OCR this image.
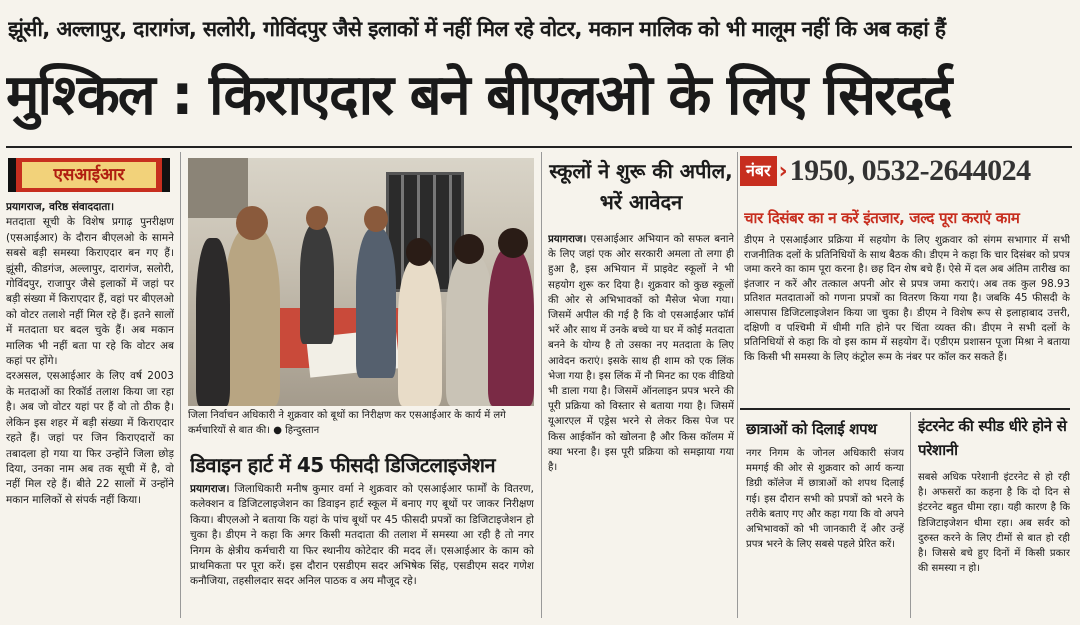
झूंसी, अल्लापुर, दारागंज, सलोरी, गोविंदपुर जैसे इलाकों में नहीं मिल रहे वोटर, मकान मालिक को भी मालूम नहीं कि अब कहां हैं
मुश्किल : किराएदार बने बीएलओ के लिए सिरदर्द
एसआईआर

प्रयागराज, वरिष्ठ संवाददाता।

मतदाता सूची के विशेष प्रगाढ़ पुनरीक्षण (एसआईआर) के दौरान बीएलओ के सामने सबसे बड़ी समस्या किराएदार बन गए हैं। झूंसी, कीडगंज, अल्लापुर, दारागंज, सलोरी, गोविंदपुर, राजापुर जैसे इलाकों में जहां पर बड़ी संख्या में किराएदार हैं, वहां पर बीएलओ को वोटर तलाशे नहीं मिल रहे हैं। इतने सालों में मतदाता घर बदल चुके हैं। अब मकान मालिक भी नहीं बता पा रहे कि वोटर अब कहां पर होंगे।

दरअसल, एसआईआर के लिए वर्ष 2003 के मतदाओं का रिकॉर्ड तलाश किया जा रहा है। अब जो वोटर यहां पर हैं वो तो ठीक है। लेकिन इस शहर में बड़ी संख्या में किराएदार रहते हैं। जहां पर जिन किराएदारों का तबादला हो गया या फिर उन्होंने जिला छोड़ दिया, उनका नाम अब तक सूची में है, वो नहीं मिल रहे हैं। बीते 22 सालों में उन्होंने मकान मालिकों से संपर्क नहीं किया।

जिला निर्वाचन अधिकारी ने शुक्रवार को बूथों का निरीक्षण कर एसआईआर के कार्य में लगे कर्मचारियों से बात की। ● हिन्दुस्तान
डिवाइन हार्ट में 45 फीसदी डिजिटलाइजेशन

प्रयागराज। जिलाधिकारी मनीष कुमार वर्मा ने शुक्रवार को एसआईआर फार्मों के वितरण, कलेक्शन व डिजिटलाइजेशन का डिवाइन हार्ट स्कूल में बनाए गए बूथों पर जाकर निरीक्षण किया। बीएलओ ने बताया कि यहां के पांच बूथों पर 45 फीसदी प्रपत्रों का डिजिटाइजेशन हो चुका है। डीएम ने कहा कि अगर किसी मतदाता की तलाश में समस्या आ रही है तो नगर निगम के क्षेत्रीय कर्मचारी या फिर स्थानीय कोटेदार की मदद लें। एसआईआर के काम को प्राथमिकता पर पूरा करें। इस दौरान एसडीएम सदर अभिषेक सिंह, एसडीएम सदर गणेश कनौजिया, तहसीलदार सदर अनिल पाठक व अय मौजूद रहे।

स्कूलों ने शुरू की अपील, भरें आवेदन

प्रयागराज। एसआईआर अभियान को सफल बनाने के लिए जहां एक ओर सरकारी अमला तो लगा ही हुआ है, इस अभियान में प्राइवेट स्कूलों ने भी सहयोग शुरू कर दिया है। शुक्रवार को कुछ स्कूलों की ओर से अभिभावकों को मैसेज भेजा गया। जिसमें अपील की गई है कि वो एसआईआर फॉर्म भरें और साथ में उनके बच्चे या घर में कोई मतदाता बनने के योग्य है तो उसका नए मतदाता के लिए आवेदन कराएं। इसके साथ ही शाम को एक लिंक भेजा गया है। इस लिंक में नौ मिनट का एक वीडियो भी डाला गया है। जिसमें ऑनलाइन प्रपत्र भरने की पूरी प्रक्रिया को विस्तार से बताया गया है। जिसमें यूआरएल में एड्रेस भरने से लेकर किस पेज पर किस आईकॉन को खोलना है और किस कॉलम में क्या भरना है। इस पूरी प्रक्रिया को समझाया गया है।

नंबर › 1950, 0532-2644024
चार दिसंबर का न करें इंतजार, जल्द पूरा कराएं काम
डीएम ने एसआईआर प्रक्रिया में सहयोग के लिए शुक्रवार को संगम सभागार में सभी राजनीतिक दलों के प्रतिनिधियों के साथ बैठक की। डीएम ने कहा कि चार दिसंबर को प्रपत्र जमा करने का काम पूरा करना है। छह दिन शेष बचे हैं। ऐसे में दल अब अंतिम तारीख का इंतजार न करें और तत्काल अपनी ओर से प्रपत्र जमा कराएं। अब तक कुल 98.93 प्रतिशत मतदाताओं को गणना प्रपत्रों का वितरण किया गया है। जबकि 45 फीसदी के आसपास डिजिटलाइजेशन किया जा चुका है। डीएम ने विशेष रूप से इलाहाबाद उत्तरी, दक्षिणी व पश्चिमी में धीमी गति होने पर चिंता व्यक्त की। डीएम ने सभी दलों के प्रतिनिधियों से कहा कि वो इस काम में सहयोग दें। एडीएम प्रशासन पूजा मिश्रा ने बताया कि किसी भी समस्या के लिए कंट्रोल रूम के नंबर पर कॉल कर सकते हैं।
छात्राओं को दिलाई शपथ
नगर निगम के जोनल अधिकारी संजय ममगई की ओर से शुक्रवार को आर्य कन्या डिग्री कॉलेज में छात्राओं को शपथ दिलाई गई। इस दौरान सभी को प्रपत्रों को भरने के तरीके बताए गए और कहा गया कि वो अपने अभिभावकों को भी जानकारी दें और उन्हें प्रपत्र भरने के लिए सबसे पहले प्रेरित करें।
इंटरनेट की स्पीड धीरे होने से परेशानी
सबसे अधिक परेशानी इंटरनेट से हो रही है। अफसरों का कहना है कि दो दिन से इंटरनेट बहुत धीमा रहा। यही कारण है कि डिजिटाइजेशन धीमा रहा। अब सर्वर को दुरुस्त करने के लिए टीमों से बात हो रही है। जिससे बचे हुए दिनों में किसी प्रकार की समस्या न हो।
